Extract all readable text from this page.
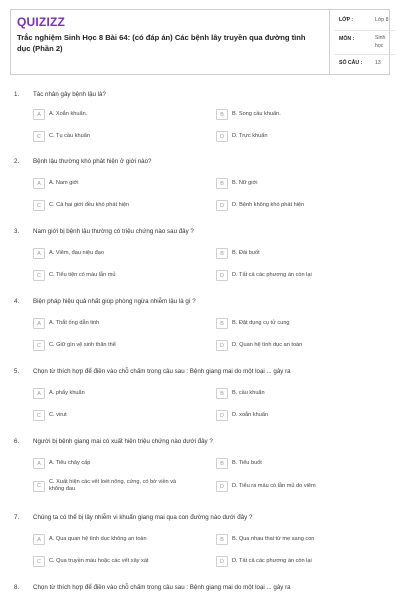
QUIZIZZ
Trắc nghiệm Sinh Học 8 Bài 64: (có đáp án) Các bệnh lây truyền qua đường tình dục (Phần 2)
LỚP :	Lớp 8
MÔN :	Sinh
học
SỐ CÂU : 13
1. Tác nhân gây bệnh lậu là?
A	A. Xoắn khuẩn.	B	B. Song cầu khuẩn.
C	C. Tụ cầu khuẩn	D	D. Trực khuẩn
2. Bệnh lậu thường khó phát hiện ở giới nào?
A	A. Nam giới	B	B. Nữ giới
C	C. Cả hai giới đều khó phát hiện	D	D. Bệnh không khó phát hiện
3. Nam giới bị bệnh lậu thường có triệu chứng nào sau đây ?
A	A. Viêm, đau niệu đạo	B	B. Đái buốt
C	C. Tiểu tiện có máu lẫn mủ	D	D. Tất cả các phương án còn lại
4. Biện pháp hiệu quả nhất giúp phòng ngừa nhiễm lậu là gì ?
A	A. Thắt ống dẫn tinh	B	B. Đặt dụng cụ tử cung
C	C. Giữ gìn vệ sinh thân thể	D	D. Quan hệ tình dục an toàn
5. Chọn từ thích hợp để điền vào chỗ chấm trong câu sau : Bệnh giang mai do một loại ... gây ra
A	A. phẩy khuẩn	B	B. cầu khuẩn
C	C. virut	D	D. xoắn khuẩn
6. Người bị bệnh giang mai có xuất hiện triệu chứng nào dưới đây ?
A	A. Tiêu chảy cấp	B	B. Tiểu buốt
C
C. Xuất hiện các vết loét nông, cứng, có bờ viền và không đau	D	D. Tiểu ra máu có lẫn mủ do viêm
7. Chúng ta có thể bị lây nhiễm vi khuẩn giang mai qua con đường nào dưới đây ?
A	A. Qua quan hệ tình dục không an toàn	B	B. Qua nhau thai từ mẹ sang con
C	C. Qua truyền máu hoặc các vết xây xát	D	D. Tất cả các phương án còn lại
8. Chọn từ thích hợp để điền vào chỗ chấm trong câu sau : Bệnh giang mai do một loại ... gây ra
